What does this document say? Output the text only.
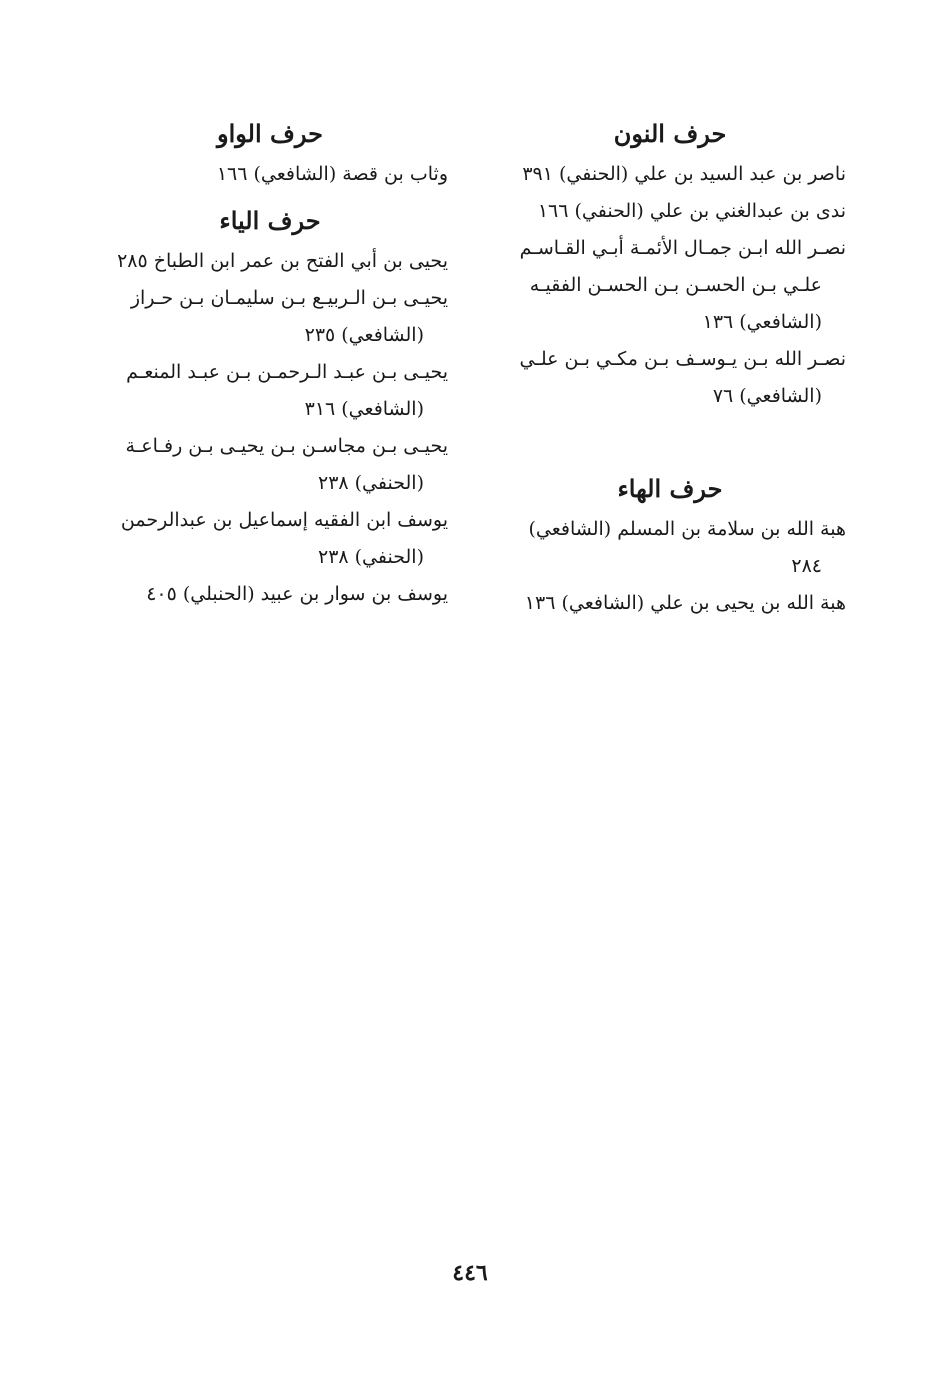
حرف النون
ناصر بن عبد السيد بن علي (الحنفي) ٣٩١
ندى بن عبدالغني بن علي (الحنفي) ١٦٦
نصـر الله ابـن جمـال الأئمـة أبـي القـاسـم
علـي بـن الحسـن بـن الحسـن الفقيـه
(الشافعي) ١٣٦
نصـر الله بـن يـوسـف بـن مكـي بـن علـي
(الشافعي) ٧٦
حرف الهاء
هبة الله بن سلامة بن المسلم (الشافعي)
٢٨٤
هبة الله بن يحيى بن علي (الشافعي) ١٣٦
حرف الواو
وثاب بن قصة (الشافعي) ١٦٦
حرف الياء
يحيى بن أبي الفتح بن عمر ابن الطباخ ٢٨٥
يحيـى بـن الـربيـع بـن سليمـان بـن حـراز
(الشافعي) ٢٣٥
يحيـى بـن عبـد الـرحمـن بـن عبـد المنعـم
(الشافعي) ٣١٦
يحيـى بـن مجاسـن بـن يحيـى بـن رفـاعـة
(الحنفي) ٢٣٨
يوسف ابن الفقيه إسماعيل بن عبدالرحمن
(الحنفي) ٢٣٨
يوسف بن سوار بن عبيد (الحنبلي) ٤٠٥
٤٤٦
